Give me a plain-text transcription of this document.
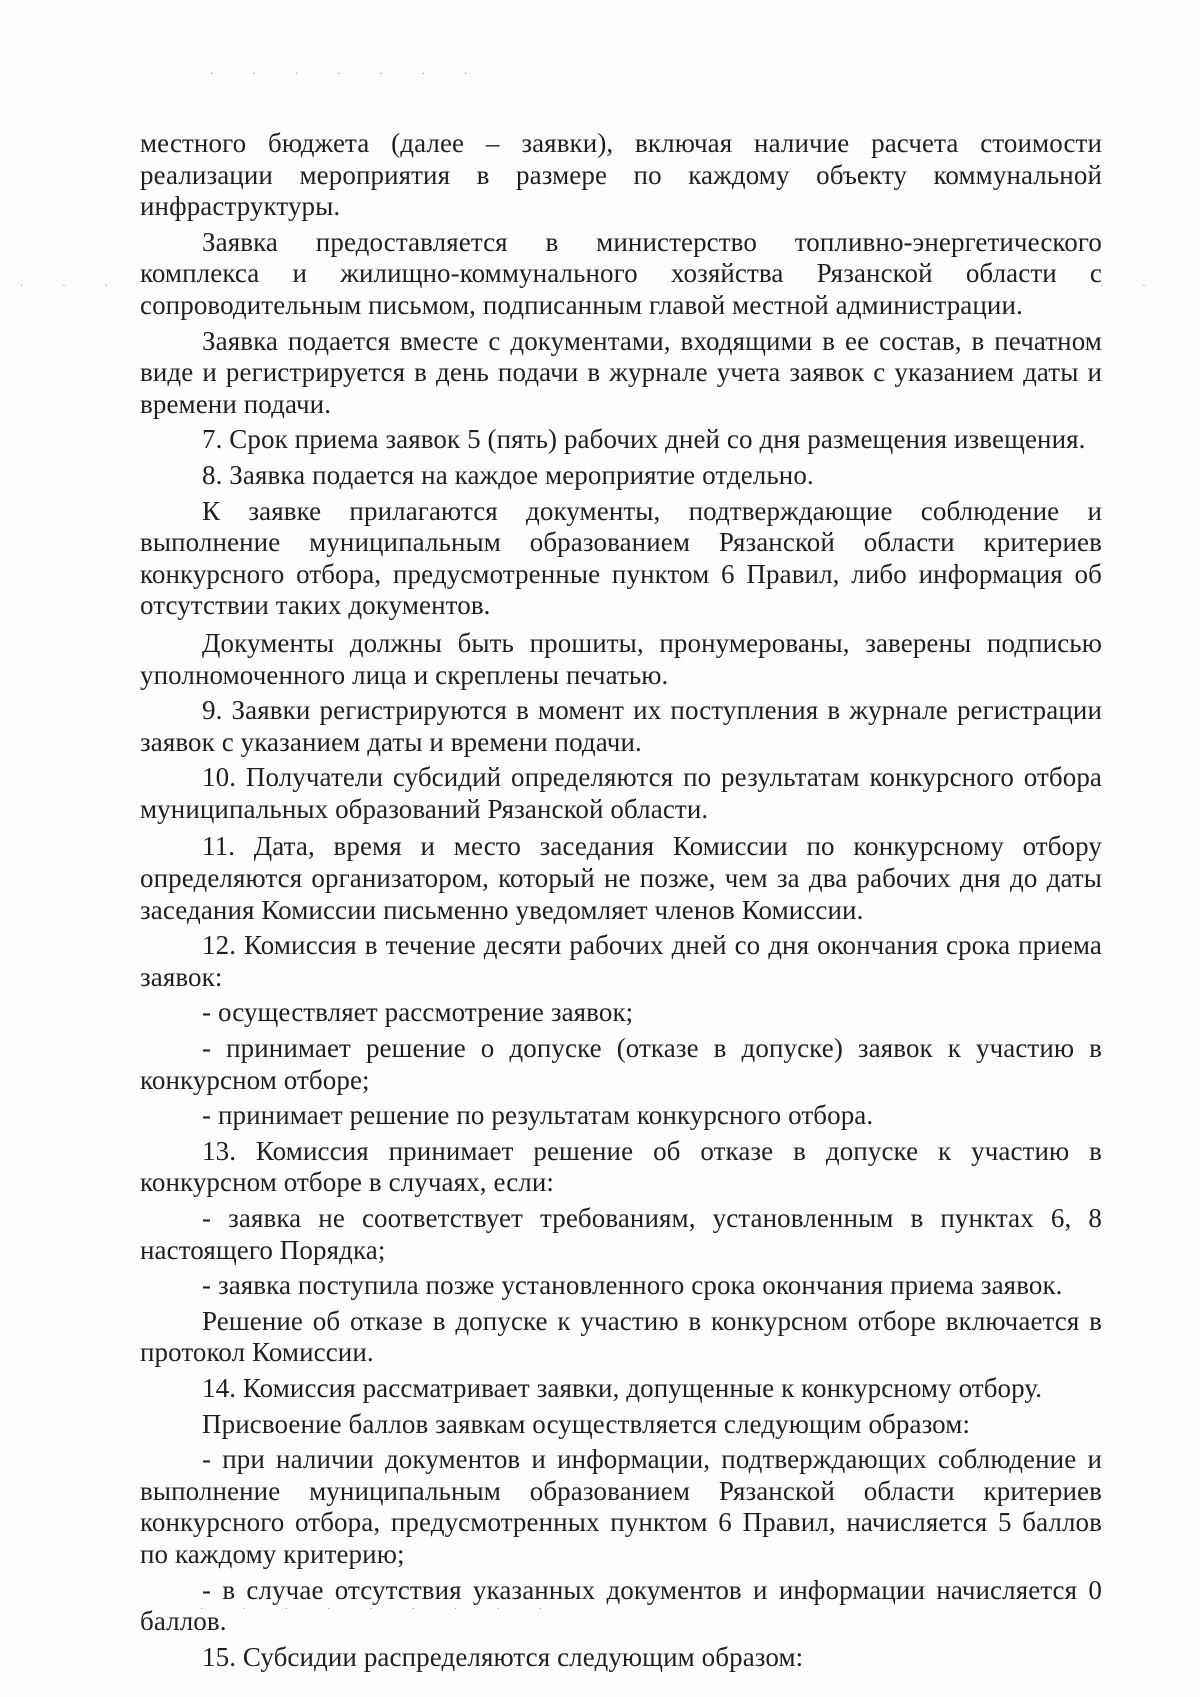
· · · · · · ·
· · ·	· ·
· · · · · · · · ·

местного бюджета (далее – заявки), включая наличие расчета стоимости реализации мероприятия в размере по каждому объекту коммунальной инфраструктуры.

Заявка предоставляется в министерство топливно-энергетического комплекса и жилищно-коммунального хозяйства Рязанской области с сопроводительным письмом, подписанным главой местной администрации.

Заявка подается вместе с документами, входящими в ее состав, в печатном виде и регистрируется в день подачи в журнале учета заявок с указанием даты и времени подачи.

7. Срок приема заявок 5 (пять) рабочих дней со дня размещения извещения.

8. Заявка подается на каждое мероприятие отдельно.

К заявке прилагаются документы, подтверждающие соблюдение и выполнение муниципальным образованием Рязанской области критериев конкурсного отбора, предусмотренные пунктом 6 Правил, либо информация об отсутствии таких документов.

Документы должны быть прошиты, пронумерованы, заверены подписью уполномоченного лица и скреплены печатью.

9. Заявки регистрируются в момент их поступления в журнале регистрации заявок с указанием даты и времени подачи.

10. Получатели субсидий определяются по результатам конкурсного отбора муниципальных образований Рязанской области.

11. Дата, время и место заседания Комиссии по конкурсному отбору определяются организатором, который не позже, чем за два рабочих дня до даты заседания Комиссии письменно уведомляет членов Комиссии.

12. Комиссия в течение десяти рабочих дней со дня окончания срока приема заявок:

- осуществляет рассмотрение заявок;

- принимает решение о допуске (отказе в допуске) заявок к участию в конкурсном отборе;

- принимает решение по результатам конкурсного отбора.

13. Комиссия принимает решение об отказе в допуске к участию в конкурсном отборе в случаях, если:

- заявка не соответствует требованиям, установленным в пунктах 6, 8 настоящего Порядка;

- заявка поступила позже установленного срока окончания приема заявок.

Решение об отказе в допуске к участию в конкурсном отборе включается в протокол Комиссии.

14. Комиссия рассматривает заявки, допущенные к конкурсному отбору.

Присвоение баллов заявкам осуществляется следующим образом:

- при наличии документов и информации, подтверждающих соблюдение и выполнение муниципальным образованием Рязанской области критериев конкурсного отбора, предусмотренных пунктом 6 Правил, начисляется 5 баллов по каждому критерию;

- в случае отсутствия указанных документов и информации начисляется 0 баллов.

15. Субсидии распределяются следующим образом:
